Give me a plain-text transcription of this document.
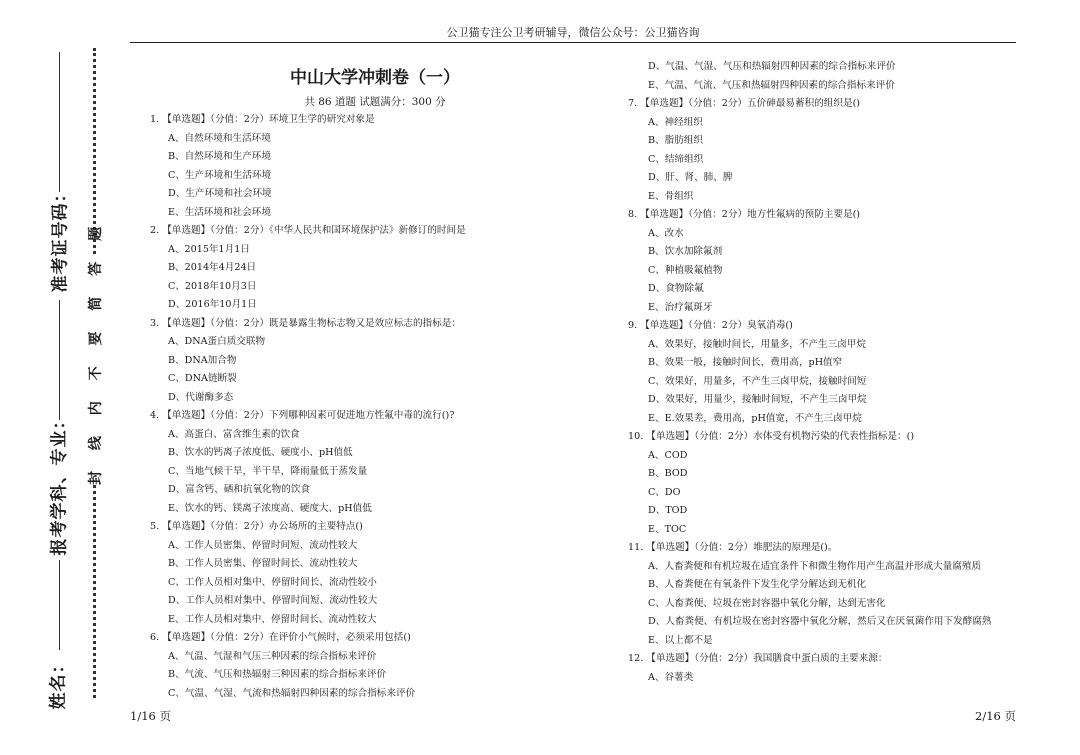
公卫猫专注公卫考研辅导，微信公众号：公卫猫咨询
准考证号码：
报考学科、专业：
姓名：
封 线 内 不 要 简 答 题
中山大学冲刺卷（一）
共 86 道题 试题满分：300 分
1. 【单选题】（分值：2分）环境卫生学的研究对象是
A、自然环境和生活环境
B、自然环境和生产环境
C、生产环境和生活环境
D、生产环境和社会环境
E、生活环境和社会环境
2. 【单选题】（分值：2分）《中华人民共和国环境保护法》新修订的时间是
A、2015年1月1日
B、2014年4月24日
C、2018年10月3日
D、2016年10月1日
3. 【单选题】（分值：2分）既是暴露生物标志物又是效应标志的指标是：
A、DNA蛋白质交联物
B、DNA加合物
C、DNA链断裂
D、代谢酶多态
4. 【单选题】（分值：2分）下列哪种因素可促进地方性氟中毒的流行()?
A、高蛋白、富含维生素的饮食
B、饮水的钙离子浓度低、硬度小、pH值低
C、当地气候干旱，半干旱，降雨量低于蒸发量
D、富含钙、硒和抗氧化物的饮食
E、饮水的钙、镁离子浓度高、硬度大、pH值低
5. 【单选题】（分值：2分）办公场所的主要特点()
A、工作人员密集、停留时间短、流动性较大
B、工作人员密集、停留时间长、流动性较大
C、工作人员相对集中、停留时间长、流动性较小
D、工作人员相对集中、停留时间短、流动性较大
E、工作人员相对集中、停留时间长、流动性较大
6. 【单选题】（分值：2分）在评价小气候时，必须采用包括()
A、气温、气湿和气压三种因素的综合指标来评价
B、气流、气压和热辐射三种因素的综合指标来评价
C、气温、气湿、气流和热辐射四种因素的综合指标来评价
D、气温、气湿、气压和热辐射四种因素的综合指标来评价
E、气温、气流、气压和热辐射四种因素的综合指标来评价
7. 【单选题】（分值：2分）五价砷最易蓄积的组织是()
A、神经组织
B、脂肪组织
C、结缔组织
D、肝、肾、肺、脾
E、骨组织
8. 【单选题】（分值：2分）地方性氟病的预防主要是()
A、改水
B、饮水加除氟剂
C、种植吸氟植物
D、食物除氟
E、治疗氟斑牙
9. 【单选题】（分值：2分）臭氧消毒()
A、效果好，接触时间长，用量多，不产生三卤甲烷
B、效果一般，接触时间长，费用高，pH值窄
C、效果好，用量多，不产生三卤甲烷，接触时间短
D、效果好，用量少，接触时间短，不产生三卤甲烷
E、E.效果差，费用高，pH值宽，不产生三卤甲烷
10. 【单选题】（分值：2分）水体受有机物污染的代表性指标是：()
A、COD
B、BOD
C、DO
D、TOD
E、TOC
11. 【单选题】（分值：2分）堆肥法的原理是()。
A、人畜粪便和有机垃圾在适宜条件下和微生物作用产生高温并形成大量腐殖质
B、人畜粪便在有氧条件下发生化学分解达到无机化
C、人畜粪便、垃圾在密封容器中氧化分解，达到无害化
D、人畜粪便、有机垃圾在密封容器中氧化分解，然后又在厌氧菌作用下发酵腐熟
E、以上都不是
12. 【单选题】（分值：2分）我国膳食中蛋白质的主要来源：
A、谷薯类
1/16 页	2/16 页
